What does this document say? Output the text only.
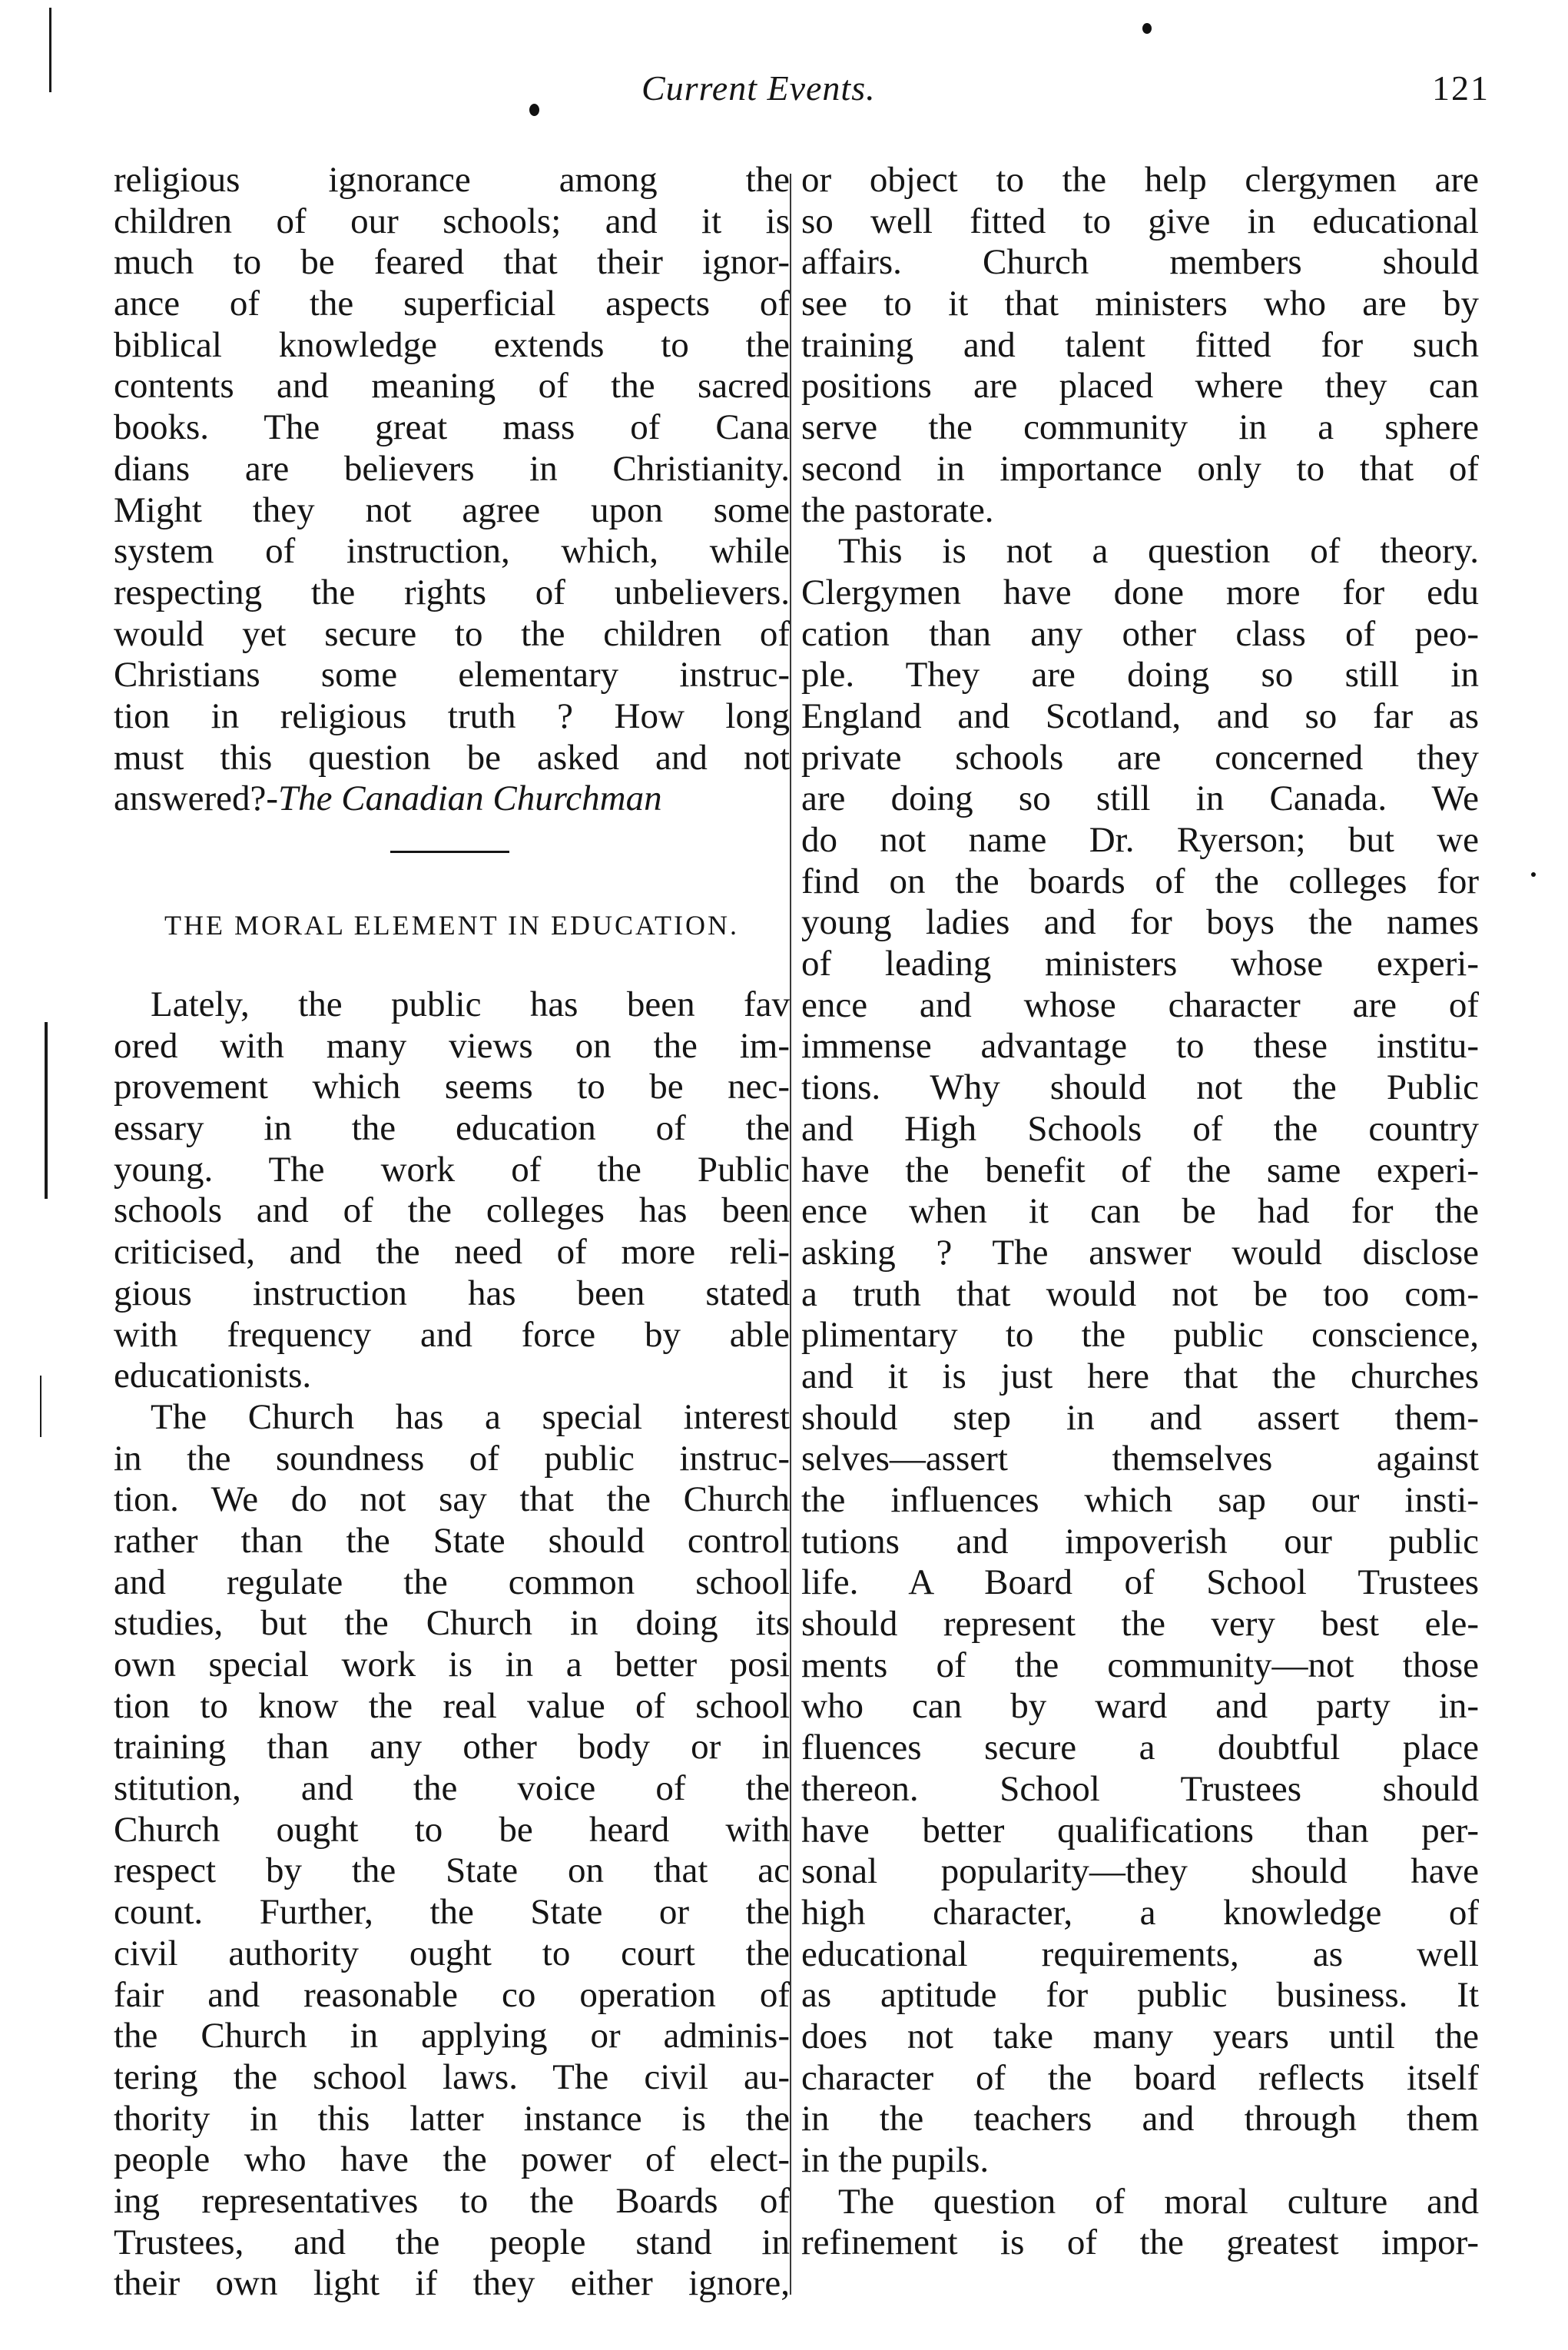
Current Events.	121
religious ignorance among the
children of our schools; and it is
much to be feared that their ignor-
ance of the superficial aspects of
biblical knowledge extends to the
contents and meaning of the sacred
books. The great mass of Cana
dians are believers in Christianity.
Might they not agree upon some
system of instruction, which, while
respecting the rights of unbelievers.
would yet secure to the children of
Christians some elementary instruc-
tion in religious truth ? How long
must this question be asked and not
answered?-The Canadian Churchman
THE MORAL ELEMENT IN EDUCATION.
Lately, the public has been fav
ored with many views on the im-
provement which seems to be nec-
essary in the education of the
young. The work of the Public
schools and of the colleges has been
criticised, and the need of more reli-
gious instruction has been stated
with frequency and force by able
educationists.
The Church has a special interest
in the soundness of public instruc-
tion. We do not say that the Church
rather than the State should control
and regulate the common school
studies, but the Church in doing its
own special work is in a better posi
tion to know the real value of school
training than any other body or in
stitution, and the voice of the
Church ought to be heard with
respect by the State on that ac
count. Further, the State or the
civil authority ought to court the
fair and reasonable co operation of
the Church in applying or adminis-
tering the school laws. The civil au-
thority in this latter instance is the
people who have the power of elect-
ing representatives to the Boards of
Trustees, and the people stand in
their own light if they either ignore,
or object to the help clergymen are
so well fitted to give in educational
affairs. Church members should
see to it that ministers who are by
training and talent fitted for such
positions are placed where they can
serve the community in a sphere
second in importance only to that of
the pastorate.
This is not a question of theory.
Clergymen have done more for edu
cation than any other class of peo-
ple. They are doing so still in
England and Scotland, and so far as
private schools are concerned they
are doing so still in Canada. We
do not name Dr. Ryerson; but we
find on the boards of the colleges for
young ladies and for boys the names
of leading ministers whose experi-
ence and whose character are of
immense advantage to these institu-
tions. Why should not the Public
and High Schools of the country
have the benefit of the same experi-
ence when it can be had for the
asking ? The answer would disclose
a truth that would not be too com-
plimentary to the public conscience,
and it is just here that the churches
should step in and assert them-
selves—assert themselves against
the influences which sap our insti-
tutions and impoverish our public
life. A Board of School Trustees
should represent the very best ele-
ments of the community—not those
who can by ward and party in-
fluences secure a doubtful place
thereon. School Trustees should
have better qualifications than per-
sonal popularity—they should have
high character, a knowledge of
educational requirements, as well
as aptitude for public business. It
does not take many years until the
character of the board reflects itself
in the teachers and through them
in the pupils.
The question of moral culture and
refinement is of the greatest impor-
